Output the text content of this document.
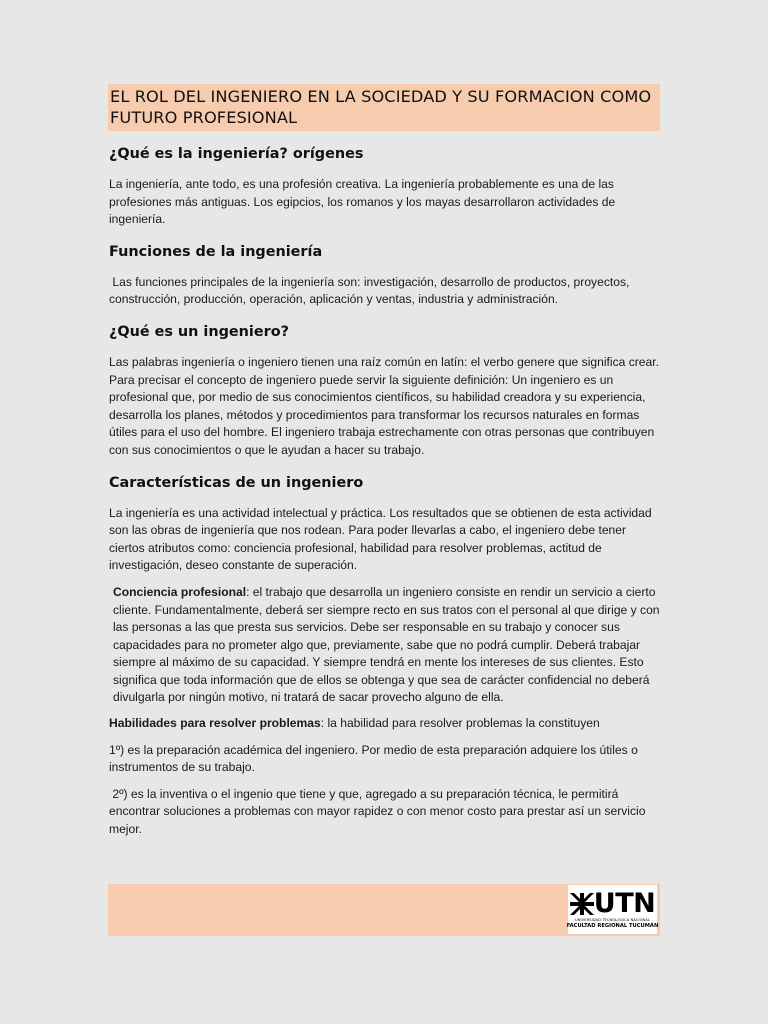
EL ROL DEL INGENIERO EN LA SOCIEDAD Y SU FORMACION COMO FUTURO PROFESIONAL
¿Qué es la ingeniería? orígenes

La ingeniería, ante todo, es una profesión creativa. La ingeniería probablemente es una de las profesiones más antiguas. Los egipcios, los romanos y los mayas desarrollaron actividades de ingeniería.

Funciones de la ingeniería

Las funciones principales de la ingeniería son: investigación, desarrollo de productos, proyectos, construcción, producción, operación, aplicación y ventas, industria y administración.

¿Qué es un ingeniero?

Las palabras ingeniería o ingeniero tienen una raíz común en latín: el verbo genere que significa crear. Para precisar el concepto de ingeniero puede servir la siguiente definición: Un ingeniero es un profesional que, por medio de sus conocimientos científicos, su habilidad creadora y su experiencia, desarrolla los planes, métodos y procedimientos para transformar los recursos naturales en formas útiles para el uso del hombre. El ingeniero trabaja estrechamente con otras personas que contribuyen con sus conocimientos o que le ayudan a hacer su trabajo.

Características de un ingeniero

La ingeniería es una actividad intelectual y práctica. Los resultados que se obtienen de esta actividad son las obras de ingeniería que nos rodean. Para poder llevarlas a cabo, el ingeniero debe tener ciertos atributos como: conciencia profesional, habilidad para resolver problemas, actitud de investigación, deseo constante de superación.

Conciencia profesional: el trabajo que desarrolla un ingeniero consiste en rendir un servicio a cierto cliente. Fundamentalmente, deberá ser siempre recto en sus tratos con el personal al que dirige y con las personas a las que presta sus servicios. Debe ser responsable en su trabajo y conocer sus capacidades para no prometer algo que, previamente, sabe que no podrá cumplir. Deberá trabajar siempre al máximo de su capacidad. Y siempre tendrá en mente los intereses de sus clientes. Esto significa que toda información que de ellos se obtenga y que sea de carácter confidencial no deberá divulgarla por ningún motivo, ni tratará de sacar provecho alguno de ella.

Habilidades para resolver problemas: la habilidad para resolver problemas la constituyen

1º) es la preparación académica del ingeniero. Por medio de esta preparación adquiere los útiles o instrumentos de su trabajo.

2º) es la inventiva o el ingenio que tiene y que, agregado a su preparación técnica, le permitirá encontrar soluciones a problemas con mayor rapidez o con menor costo para prestar así un servicio mejor.

UTN
UNIVERSIDAD TECNOLÓGICA NACIONAL
FACULTAD REGIONAL TUCUMÁN
